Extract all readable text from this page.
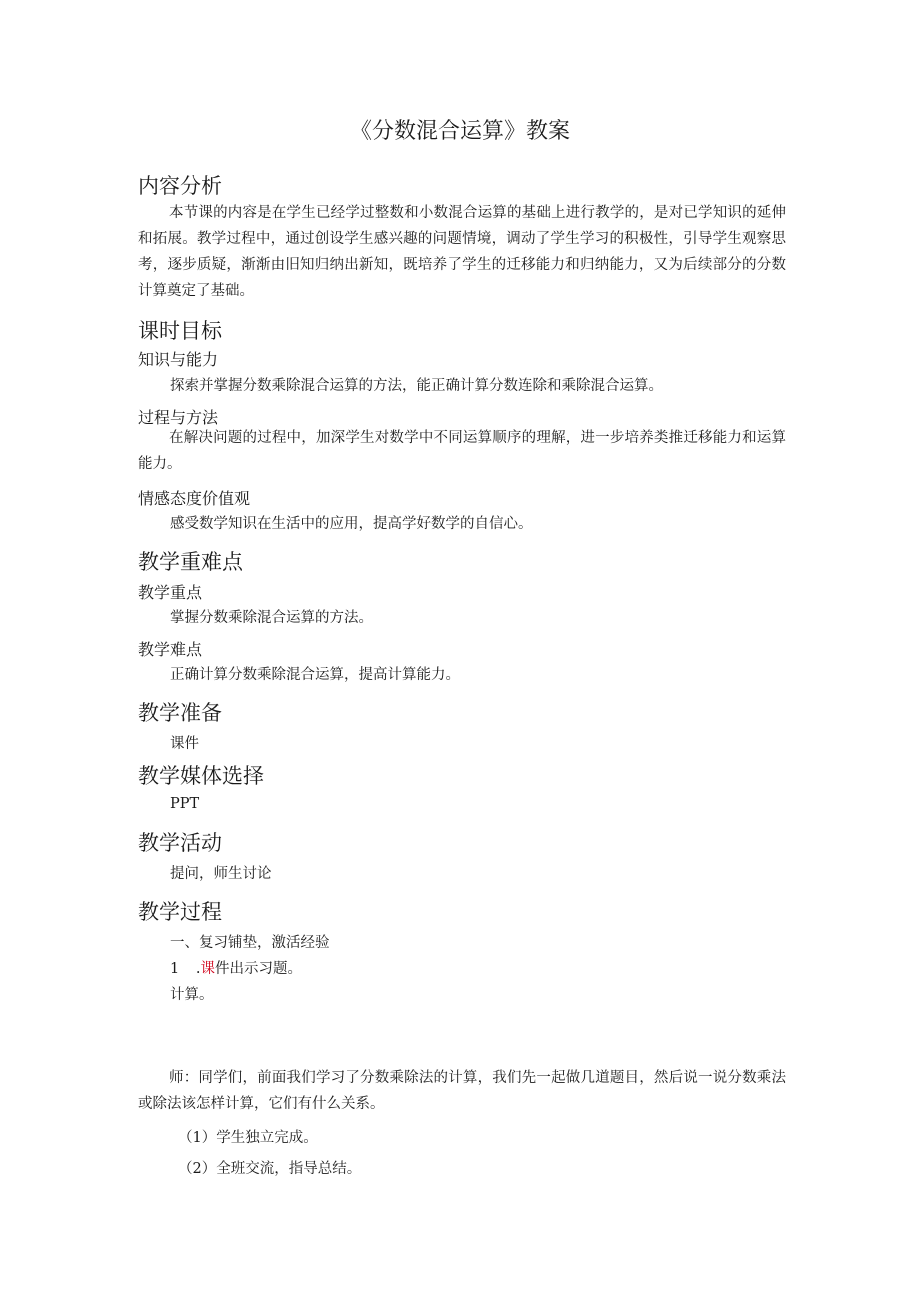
《分数混合运算》教案
内容分析
本节课的内容是在学生已经学过整数和小数混合运算的基础上进行教学的，是对已学知识的延伸和拓展。教学过程中，通过创设学生感兴趣的问题情境，调动了学生学习的积极性，引导学生观察思考，逐步质疑，渐渐由旧知归纳出新知，既培养了学生的迁移能力和归纳能力，又为后续部分的分数计算奠定了基础。
课时目标
知识与能力
探索并掌握分数乘除混合运算的方法，能正确计算分数连除和乘除混合运算。
过程与方法
在解决问题的过程中，加深学生对数学中不同运算顺序的理解，进一步培养类推迁移能力和运算能力。
情感态度价值观
感受数学知识在生活中的应用，提高学好数学的自信心。
教学重难点
教学重点
掌握分数乘除混合运算的方法。
教学难点
正确计算分数乘除混合运算，提高计算能力。
教学准备
课件
教学媒体选择
PPT
教学活动
提问，师生讨论
教学过程
一、复习铺垫，激活经验
1 .课件出示习题。
计算。
师：同学们，前面我们学习了分数乘除法的计算，我们先一起做几道题目，然后说一说分数乘法或除法该怎样计算，它们有什么关系。
（1）学生独立完成。
（2）全班交流，指导总结。
